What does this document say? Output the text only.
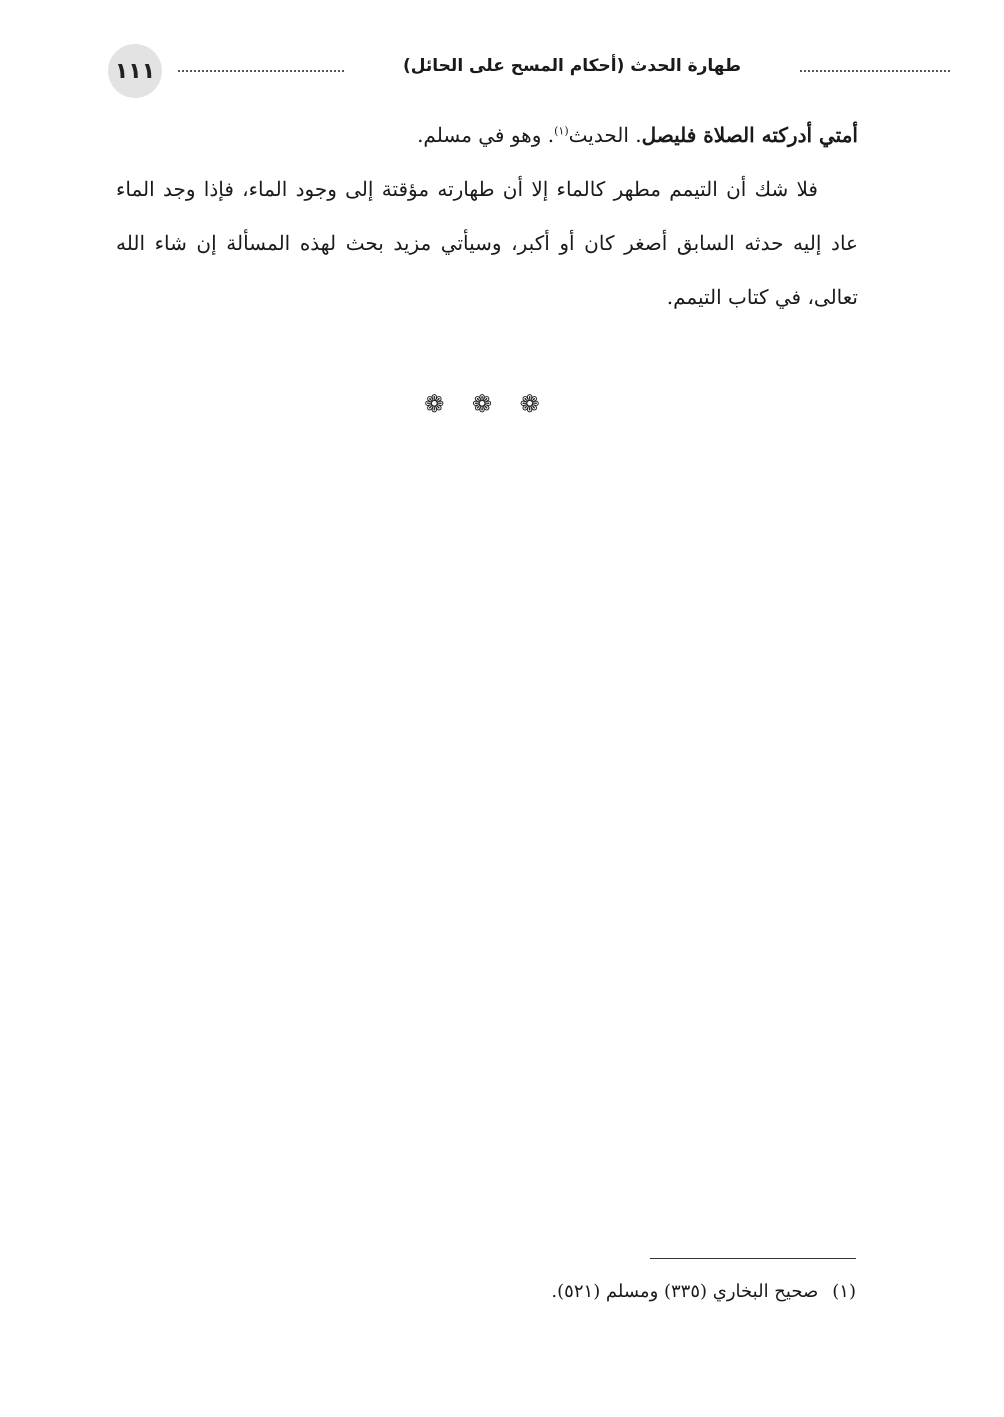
١١١	طهارة الحدث (أحكام المسح على الحائل)

أمتي أدركته الصلاة فليصل. الحديث$^{(١)}$. وهو في مسلم.

فلا شك أن التيمم مطهر كالماء إلا أن طهارته مؤقتة إلى وجود الماء، فإذا وجد الماء عاد إليه حدثه السابق أصغر كان أو أكبر، وسيأتي مزيد بحث لهذه المسألة إن شاء الله تعالى، في كتاب التيمم.

❁ ❁ ❁
(١)صحيح البخاري (٣٣٥) ومسلم (٥٢١).
